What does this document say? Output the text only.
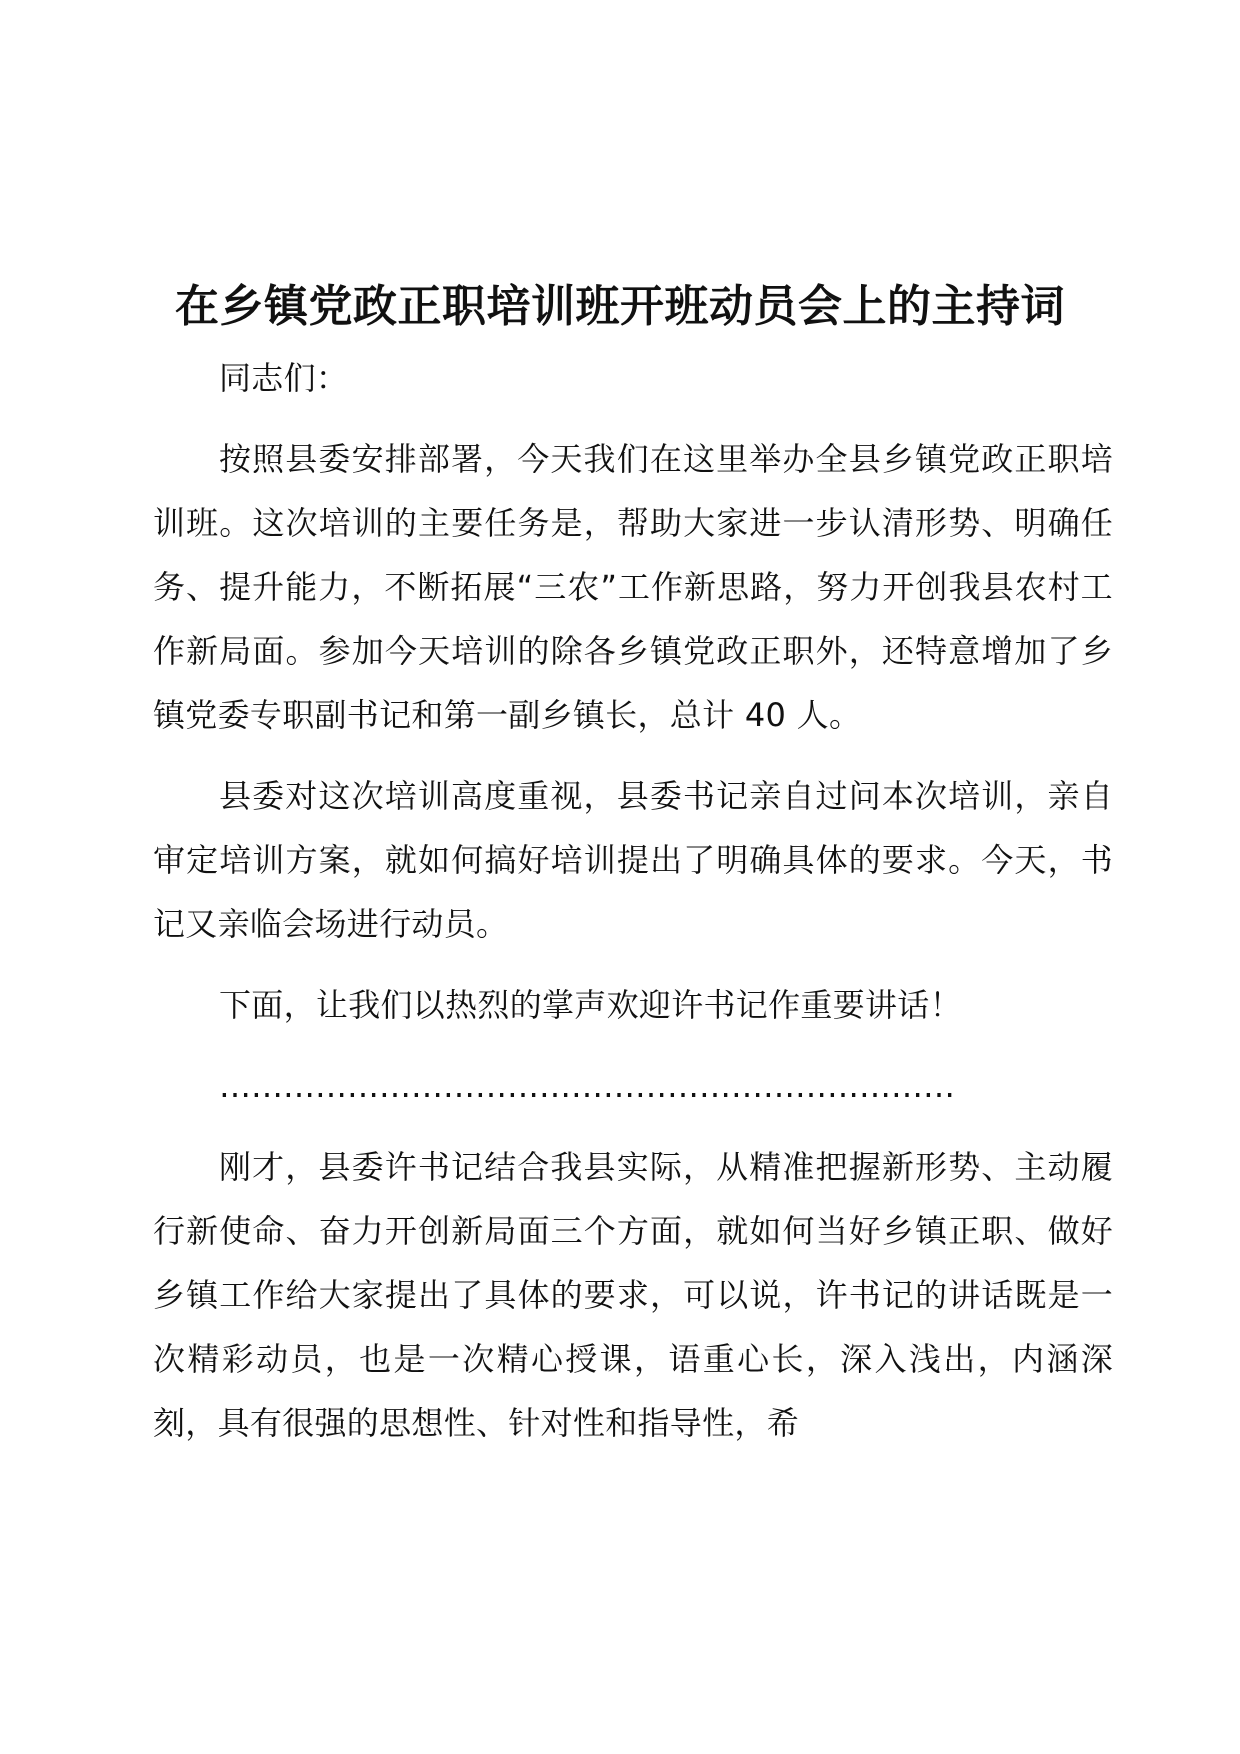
在乡镇党政正职培训班开班动员会上的主持词

同志们：

按照县委安排部署，今天我们在这里举办全县乡镇党政正职培训班。这次培训的主要任务是，帮助大家进一步认清形势、明确任务、提升能力，不断拓展“三农”工作新思路，努力开创我县农村工作新局面。参加今天培训的除各乡镇党政正职外，还特意增加了乡镇党委专职副书记和第一副乡镇长，总计 40 人。

县委对这次培训高度重视，县委书记亲自过问本次培训，亲自审定培训方案，就如何搞好培训提出了明确具体的要求。今天，书记又亲临会场进行动员。

下面，让我们以热烈的掌声欢迎许书记作重要讲话！

……………………………………………………………

刚才，县委许书记结合我县实际，从精准把握新形势、主动履行新使命、奋力开创新局面三个方面，就如何当好乡镇正职、做好乡镇工作给大家提出了具体的要求，可以说，许书记的讲话既是一次精彩动员，也是一次精心授课，语重心长，深入浅出，内涵深刻，具有很强的思想性、针对性和指导性，希
